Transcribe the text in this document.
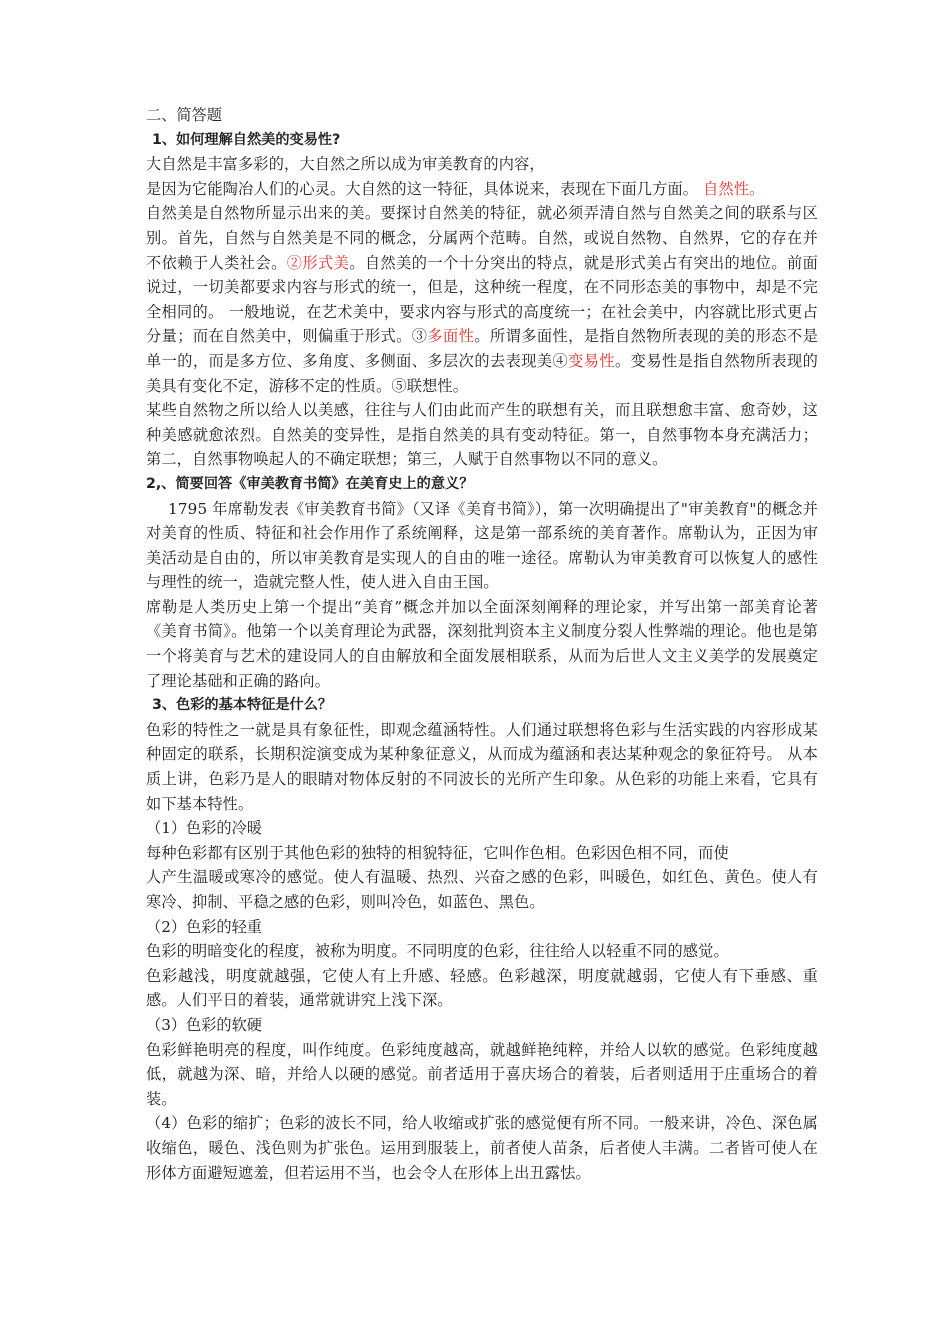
二、简答题

1、如何理解自然美的变易性?

大自然是丰富多彩的，大自然之所以成为审美教育的内容，

是因为它能陶冶人们的心灵。大自然的这一特征，具体说来，表现在下面几方面。 自然性。

自然美是自然物所显示出来的美。要探讨自然美的特征，就必须弄清自然与自然美之间的联系与区别。首先，自然与自然美是不同的概念，分属两个范畴。自然，或说自然物、自然界，它的存在并不依赖于人类社会。②形式美。自然美的一个十分突出的特点，就是形式美占有突出的地位。前面说过，一切美都要求内容与形式的统一，但是，这种统一程度，在不同形态美的事物中，却是不完全相同的。 一般地说，在艺术美中，要求内容与形式的高度统一；在社会美中，内容就比形式更占分量；而在自然美中，则偏重于形式。③多面性。所谓多面性，是指自然物所表现的美的形态不是单一的，而是多方位、多角度、多侧面、多层次的去表现美④变易性。变易性是指自然物所表现的美具有变化不定，游移不定的性质。⑤联想性。

某些自然物之所以给人以美感，往往与人们由此而产生的联想有关，而且联想愈丰富、愈奇妙，这种美感就愈浓烈。自然美的变异性，是指自然美的具有变动特征。第一，自然事物本身充满活力；第二，自然事物唤起人的不确定联想；第三，人赋于自然事物以不同的意义。

2,、简要回答《审美教育书简》在美育史上的意义？

1795 年席勒发表《审美教育书简》（又译《美育书简》），第一次明确提出了"审美教育"的概念并对美育的性质、特征和社会作用作了系统阐释，这是第一部系统的美育著作。席勒认为，正因为审美活动是自由的，所以审美教育是实现人的自由的唯一途径。席勒认为审美教育可以恢复人的感性与理性的统一，造就完整人性，使人进入自由王国。

席勒是人类历史上第一个提出“美育”概念并加以全面深刻阐释的理论家，并写出第一部美育论著《美育书简》。他第一个以美育理论为武器，深刻批判资本主义制度分裂人性弊端的理论。他也是第一个将美育与艺术的建设同人的自由解放和全面发展相联系，从而为后世人文主义美学的发展奠定了理论基础和正确的路向。

3、色彩的基本特征是什么？

色彩的特性之一就是具有象征性，即观念蕴涵特性。人们通过联想将色彩与生活实践的内容形成某种固定的联系，长期积淀演变成为某种象征意义，从而成为蕴涵和表达某种观念的象征符号。 从本质上讲，色彩乃是人的眼睛对物体反射的不同波长的光所产生印象。从色彩的功能上来看，它具有如下基本特性。

（1）色彩的冷暖

每种色彩都有区别于其他色彩的独特的相貌特征，它叫作色相。色彩因色相不同，而使

人产生温暖或寒冷的感觉。使人有温暖、热烈、兴奋之感的色彩，叫暖色，如红色、黄色。使人有寒冷、抑制、平稳之感的色彩，则叫冷色，如蓝色、黑色。

（2）色彩的轻重

色彩的明暗变化的程度，被称为明度。不同明度的色彩，往往给人以轻重不同的感觉。

色彩越浅，明度就越强，它使人有上升感、轻感。色彩越深，明度就越弱，它使人有下垂感、重感。人们平日的着装，通常就讲究上浅下深。

（3）色彩的软硬

色彩鲜艳明亮的程度，叫作纯度。色彩纯度越高，就越鲜艳纯粹，并给人以软的感觉。色彩纯度越低，就越为深、暗，并给人以硬的感觉。前者适用于喜庆场合的着装，后者则适用于庄重场合的着装。

（4）色彩的缩扩；色彩的波长不同，给人收缩或扩张的感觉便有所不同。一般来讲，冷色、深色属收缩色，暖色、浅色则为扩张色。运用到服装上，前者使人苗条，后者使人丰满。二者皆可使人在形体方面避短遮羞，但若运用不当，也会令人在形体上出丑露怯。
